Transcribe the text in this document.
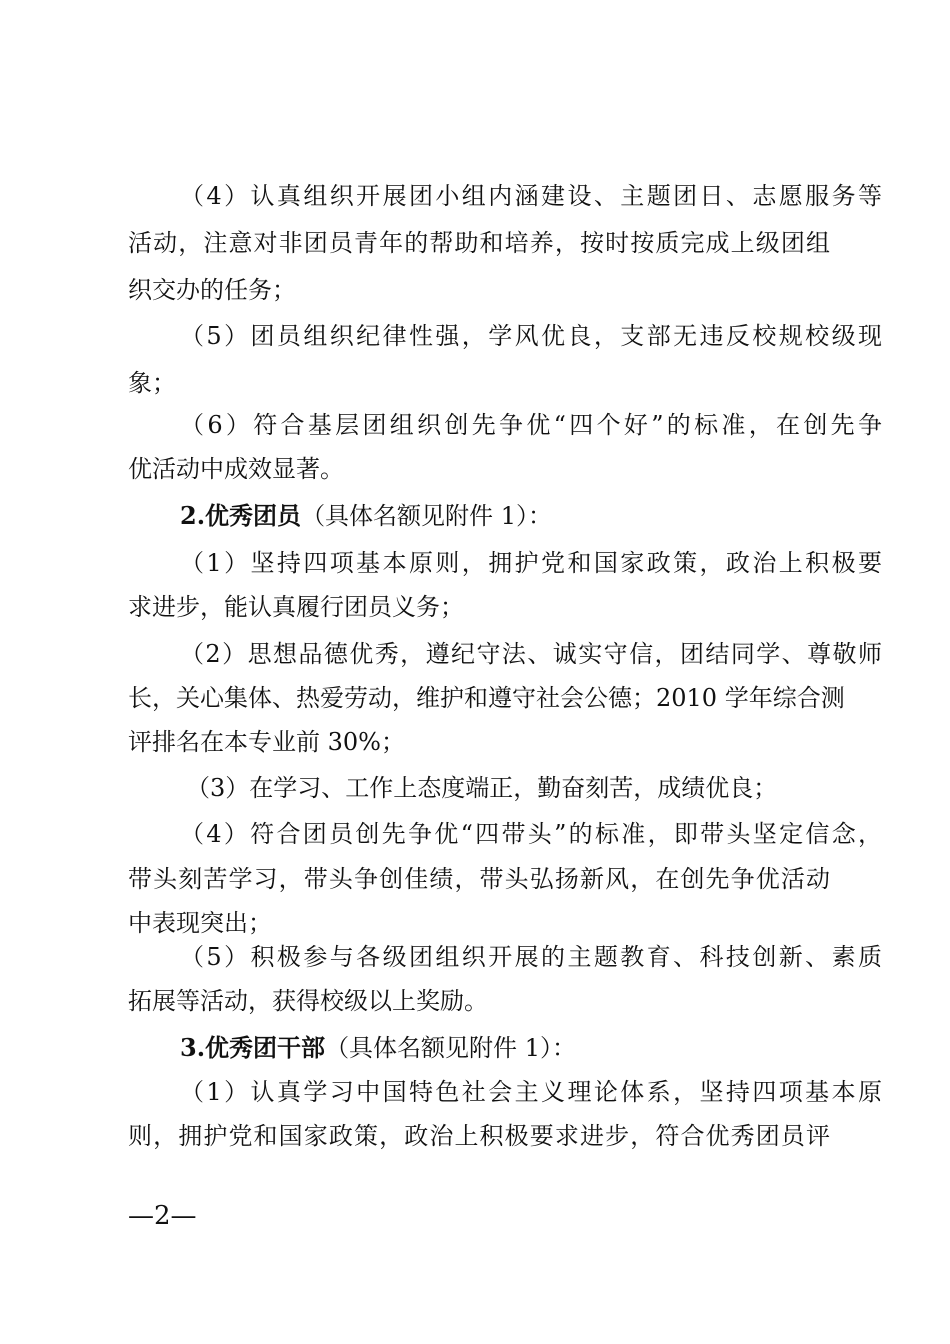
（4）认真组织开展团小组内涵建设、主题团日、志愿服务等
活动，注意对非团员青年的帮助和培养，按时按质完成上级团组
织交办的任务；
（5）团员组织纪律性强，学风优良，支部无违反校规校级现
象；
（6）符合基层团组织创先争优“四个好”的标准，在创先争
优活动中成效显著。
2.优秀团员（具体名额见附件 1）：
（1）坚持四项基本原则，拥护党和国家政策，政治上积极要
求进步，能认真履行团员义务；
（2）思想品德优秀，遵纪守法、诚实守信，团结同学、尊敬师
长，关心集体、热爱劳动，维护和遵守社会公德；2010 学年综合测
评排名在本专业前 30%；
（3）在学习、工作上态度端正，勤奋刻苦，成绩优良；
（4）符合团员创先争优“四带头”的标准，即带头坚定信念，
带头刻苦学习，带头争创佳绩，带头弘扬新风，在创先争优活动
中表现突出；
（5）积极参与各级团组织开展的主题教育、科技创新、素质
拓展等活动，获得校级以上奖励。
3.优秀团干部（具体名额见附件 1）：
（1）认真学习中国特色社会主义理论体系，坚持四项基本原
则，拥护党和国家政策，政治上积极要求进步，符合优秀团员评
—2—
